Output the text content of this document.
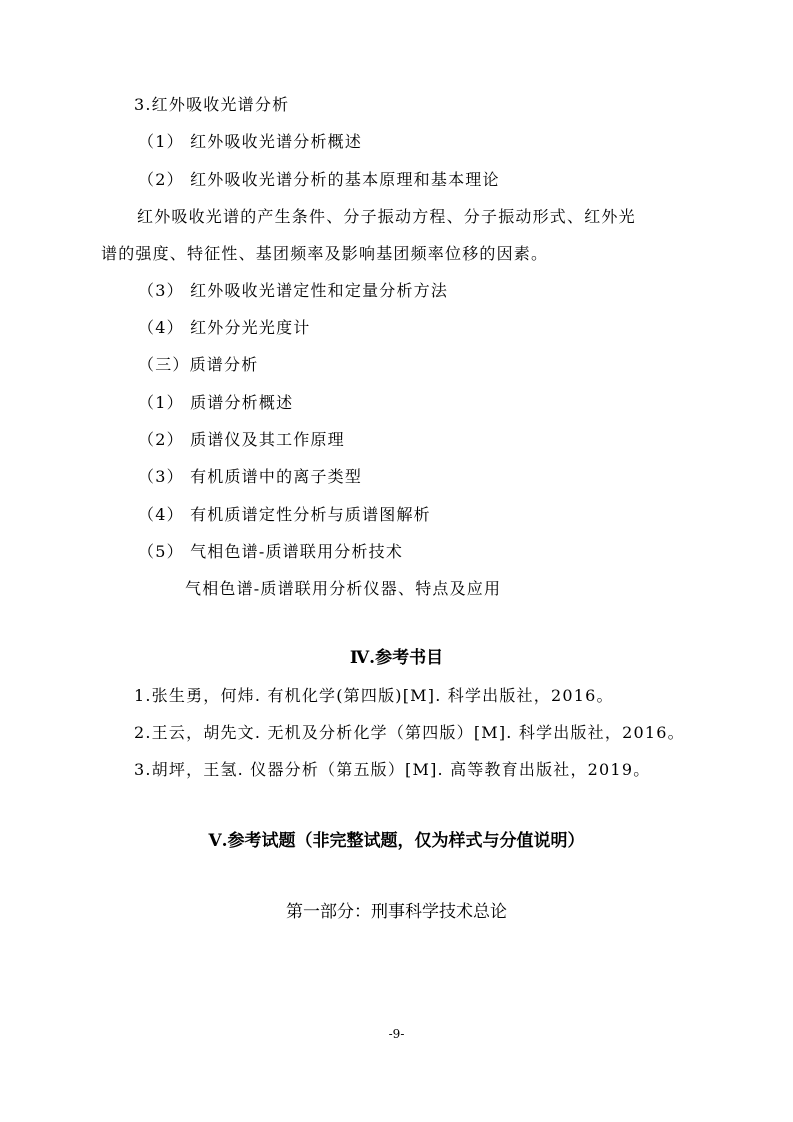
3.红外吸收光谱分析
（1） 红外吸收光谱分析概述
（2） 红外吸收光谱分析的基本原理和基本理论
红外吸收光谱的产生条件、分子振动方程、分子振动形式、红外光
谱的强度、特征性、基团频率及影响基团频率位移的因素。
（3） 红外吸收光谱定性和定量分析方法
（4） 红外分光光度计
（三）质谱分析
（1） 质谱分析概述
（2） 质谱仪及其工作原理
（3） 有机质谱中的离子类型
（4） 有机质谱定性分析与质谱图解析
（5） 气相色谱-质谱联用分析技术
气相色谱-质谱联用分析仪器、特点及应用
Ⅳ.参考书目
1.张生勇，何炜. 有机化学(第四版)[M]. 科学出版社，2016。
2.王云，胡先文. 无机及分析化学（第四版）[M]. 科学出版社，2016。
3.胡坪，王氢. 仪器分析（第五版）[M]. 高等教育出版社，2019。
Ⅴ.参考试题（非完整试题，仅为样式与分值说明）
第一部分：刑事科学技术总论
-9-
